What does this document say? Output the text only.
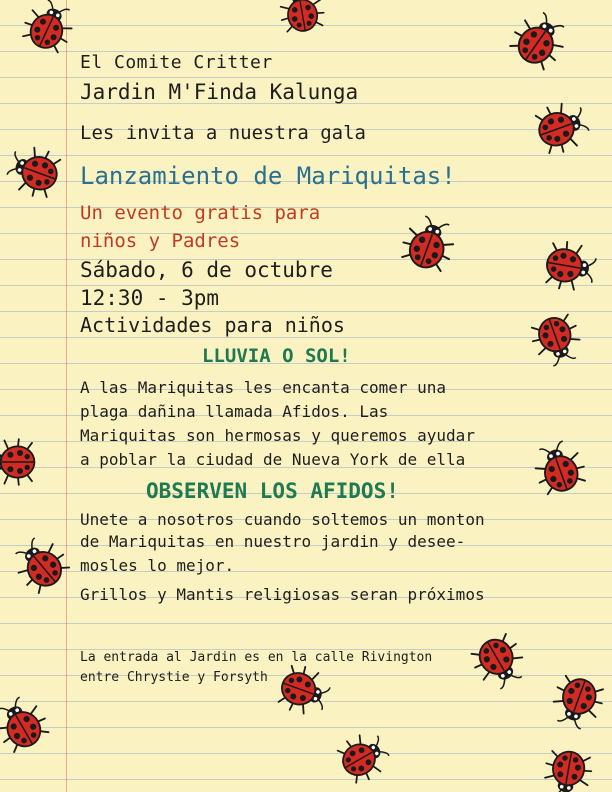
El Comite Critter
Jardin M'Finda Kalunga
Les invita a nuestra gala
Lanzamiento de Mariquitas!
Un evento gratis para
niños y Padres
Sábado, 6 de octubre
12:30 - 3pm
Actividades para niños
LLUVIA O SOL!
A las Mariquitas les encanta comer una
plaga dañina llamada Afidos. Las
Mariquitas son hermosas y queremos ayudar
a poblar la ciudad de Nueva York de ella
OBSERVEN LOS AFIDOS!
Unete a nosotros cuando soltemos un monton
de Mariquitas en nuestro jardin y desee-
mosles lo mejor.
Grillos y Mantis religiosas seran próximos
La entrada al Jardin es en la calle Rivington
entre Chrystie y Forsyth
